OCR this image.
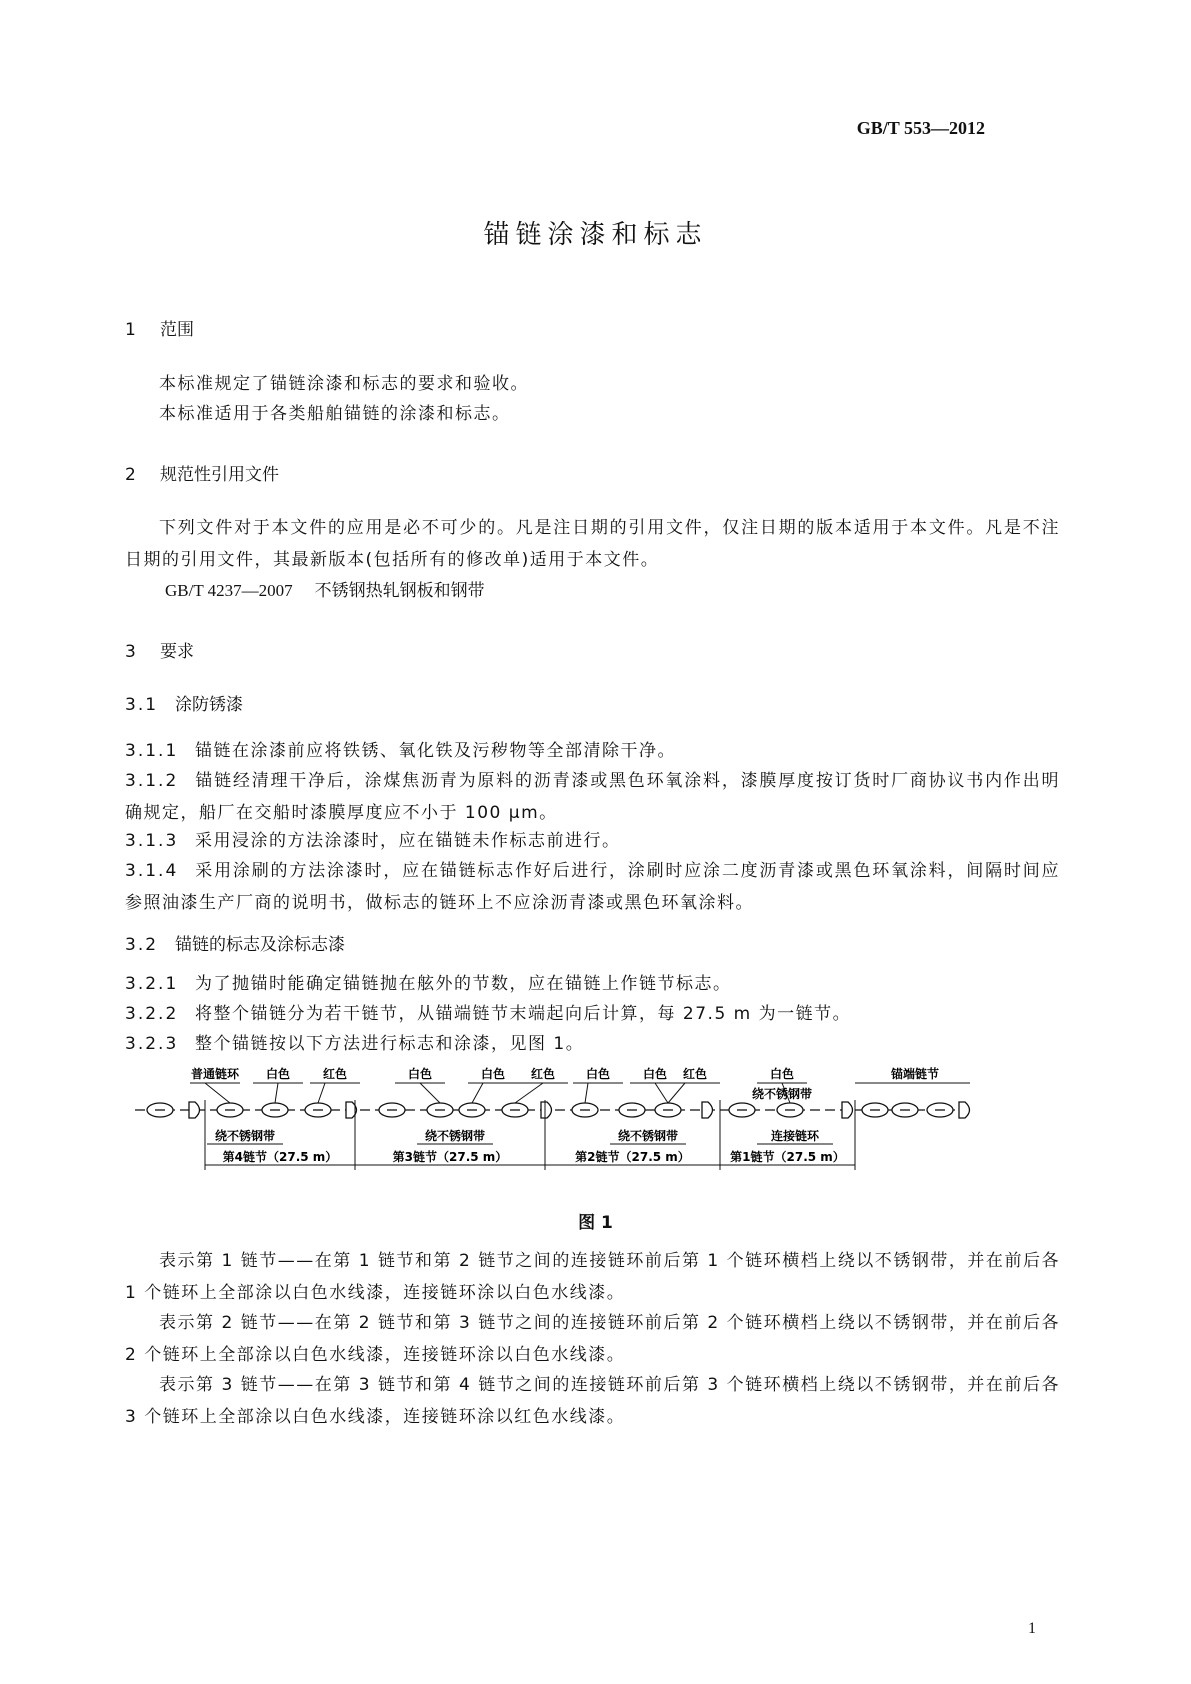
GB/T 553—2012
锚链涂漆和标志
1 范围
本标准规定了锚链涂漆和标志的要求和验收。
本标准适用于各类船舶锚链的涂漆和标志。
2 规范性引用文件
下列文件对于本文件的应用是必不可少的。凡是注日期的引用文件，仅注日期的版本适用于本文件。凡是不注日期的引用文件，其最新版本(包括所有的修改单)适用于本文件。
GB/T 4237—2007 不锈钢热轧钢板和钢带
3 要求
3.1 涂防锈漆
3.1.1 锚链在涂漆前应将铁锈、氧化铁及污秽物等全部清除干净。
3.1.2 锚链经清理干净后，涂煤焦沥青为原料的沥青漆或黑色环氧涂料，漆膜厚度按订货时厂商协议书内作出明确规定，船厂在交船时漆膜厚度应不小于 100 μm。
3.1.3 采用浸涂的方法涂漆时，应在锚链未作标志前进行。
3.1.4 采用涂刷的方法涂漆时，应在锚链标志作好后进行，涂刷时应涂二度沥青漆或黑色环氧涂料，间隔时间应参照油漆生产厂商的说明书，做标志的链环上不应涂沥青漆或黑色环氧涂料。
3.2 锚链的标志及涂标志漆
3.2.1 为了抛锚时能确定锚链抛在舷外的节数，应在锚链上作链节标志。
3.2.2 将整个锚链分为若干链节，从锚端链节末端起向后计算，每 27.5 m 为一链节。
3.2.3 整个锚链按以下方法进行标志和涂漆，见图 1。
普通链环 白色	红色	白色	白色 红色	白色	白色 红色	白色	锚端链节
绕不锈钢带
绕不锈钢带	绕不锈钢带	绕不锈钢带	连接链环
第4链节（27.5 m）	第3链节（27.5 m）	第2链节（27.5 m）	第1链节（27.5 m）
图 1
表示第 1 链节——在第 1 链节和第 2 链节之间的连接链环前后第 1 个链环横档上绕以不锈钢带，并在前后各 1 个链环上全部涂以白色水线漆，连接链环涂以白色水线漆。
表示第 2 链节——在第 2 链节和第 3 链节之间的连接链环前后第 2 个链环横档上绕以不锈钢带，并在前后各 2 个链环上全部涂以白色水线漆，连接链环涂以白色水线漆。
表示第 3 链节——在第 3 链节和第 4 链节之间的连接链环前后第 3 个链环横档上绕以不锈钢带，并在前后各 3 个链环上全部涂以白色水线漆，连接链环涂以红色水线漆。
1
